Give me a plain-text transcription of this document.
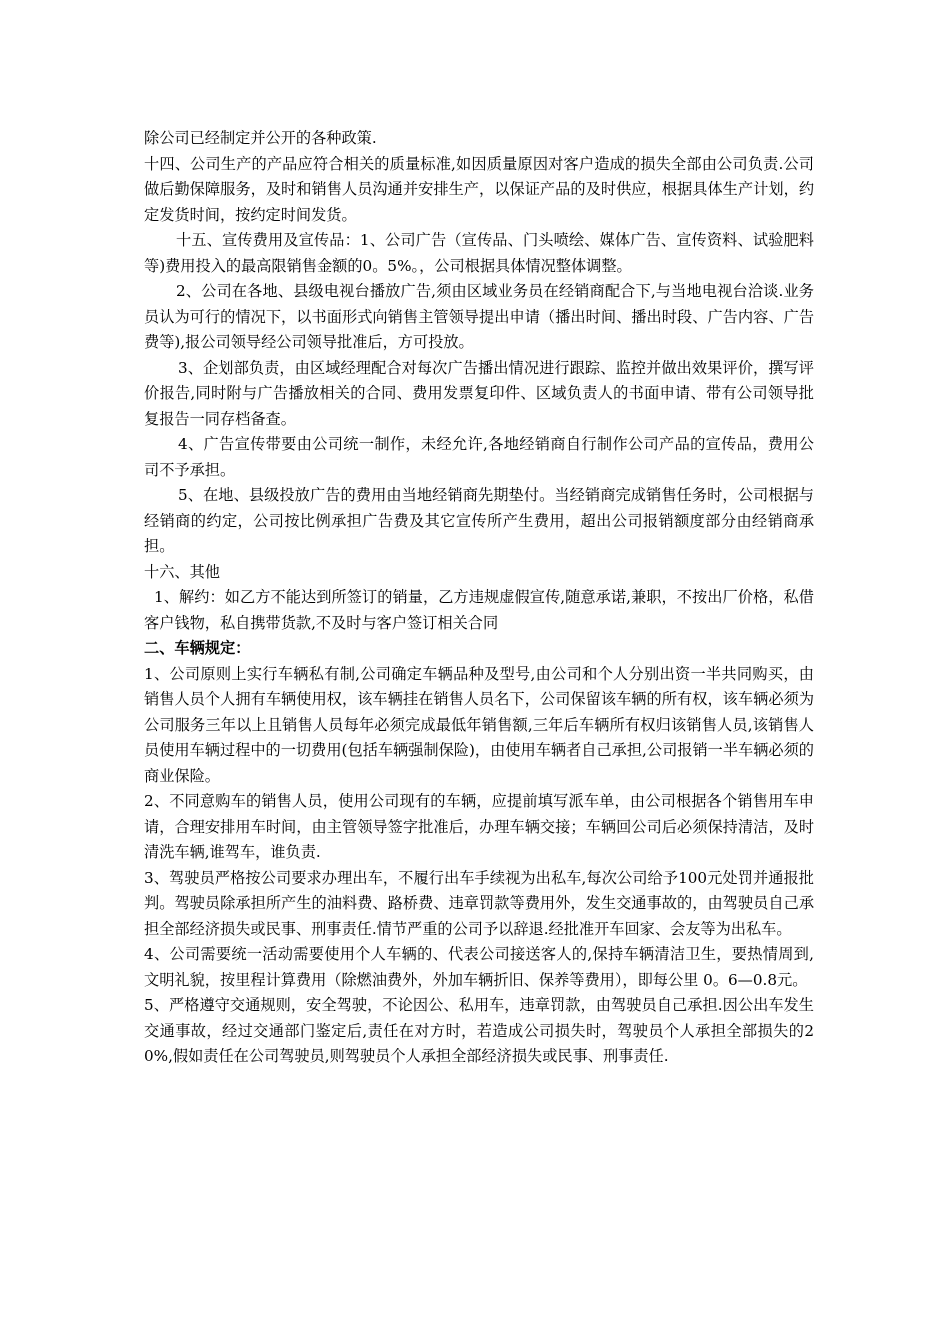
除公司已经制定并公开的各种政策.

十四、公司生产的产品应符合相关的质量标准,如因质量原因对客户造成的损失全部由公司负责.公司做后勤保障服务，及时和销售人员沟通并安排生产，以保证产品的及时供应，根据具体生产计划，约定发货时间，按约定时间发货。

十五、宣传费用及宣传品：1、公司广告（宣传品、门头喷绘、媒体广告、宣传资料、试验肥料等)费用投入的最高限销售金额的0。5%。，公司根据具体情况整体调整。

2、公司在各地、县级电视台播放广告,须由区域业务员在经销商配合下,与当地电视台洽谈.业务员认为可行的情况下，以书面形式向销售主管领导提出申请（播出时间、播出时段、广告内容、广告费等),报公司领导经公司领导批准后，方可投放。

3、企划部负责，由区域经理配合对每次广告播出情况进行跟踪、监控并做出效果评价，撰写评价报告,同时附与广告播放相关的合同、费用发票复印件、区域负责人的书面申请、带有公司领导批复报告一同存档备查。

4、广告宣传带要由公司统一制作，未经允许,各地经销商自行制作公司产品的宣传品，费用公司不予承担。

5、在地、县级投放广告的费用由当地经销商先期垫付。当经销商完成销售任务时，公司根据与经销商的约定，公司按比例承担广告费及其它宣传所产生费用，超出公司报销额度部分由经销商承担。

十六、其他

1、解约：如乙方不能达到所签订的销量，乙方违规虚假宣传,随意承诺,兼职，不按出厂价格，私借客户钱物，私自携带货款,不及时与客户签订相关合同

二、车辆规定：

1、公司原则上实行车辆私有制,公司确定车辆品种及型号,由公司和个人分别出资一半共同购买，由销售人员个人拥有车辆使用权，该车辆挂在销售人员名下，公司保留该车辆的所有权，该车辆必须为公司服务三年以上且销售人员每年必须完成最低年销售额,三年后车辆所有权归该销售人员,该销售人员使用车辆过程中的一切费用(包括车辆强制保险)，由使用车辆者自己承担,公司报销一半车辆必须的商业保险。

2、不同意购车的销售人员，使用公司现有的车辆，应提前填写派车单，由公司根据各个销售用车申请，合理安排用车时间，由主管领导签字批准后，办理车辆交接；车辆回公司后必须保持清洁，及时清洗车辆,谁驾车，谁负责.

3、驾驶员严格按公司要求办理出车，不履行出车手续视为出私车,每次公司给予100元处罚并通报批判。驾驶员除承担所产生的油料费、路桥费、违章罚款等费用外，发生交通事故的，由驾驶员自己承担全部经济损失或民事、刑事责任.情节严重的公司予以辞退.经批准开车回家、会友等为出私车。

4、公司需要统一活动需要使用个人车辆的、代表公司接送客人的,保持车辆清洁卫生，要热情周到,文明礼貌，按里程计算费用（除燃油费外，外加车辆折旧、保养等费用），即每公里 0。6—0.8元。

5、严格遵守交通规则，安全驾驶，不论因公、私用车，违章罚款，由驾驶员自己承担.因公出车发生交通事故，经过交通部门鉴定后,责任在对方时，若造成公司损失时，驾驶员个人承担全部损失的20%,假如责任在公司驾驶员,则驾驶员个人承担全部经济损失或民事、刑事责任.
